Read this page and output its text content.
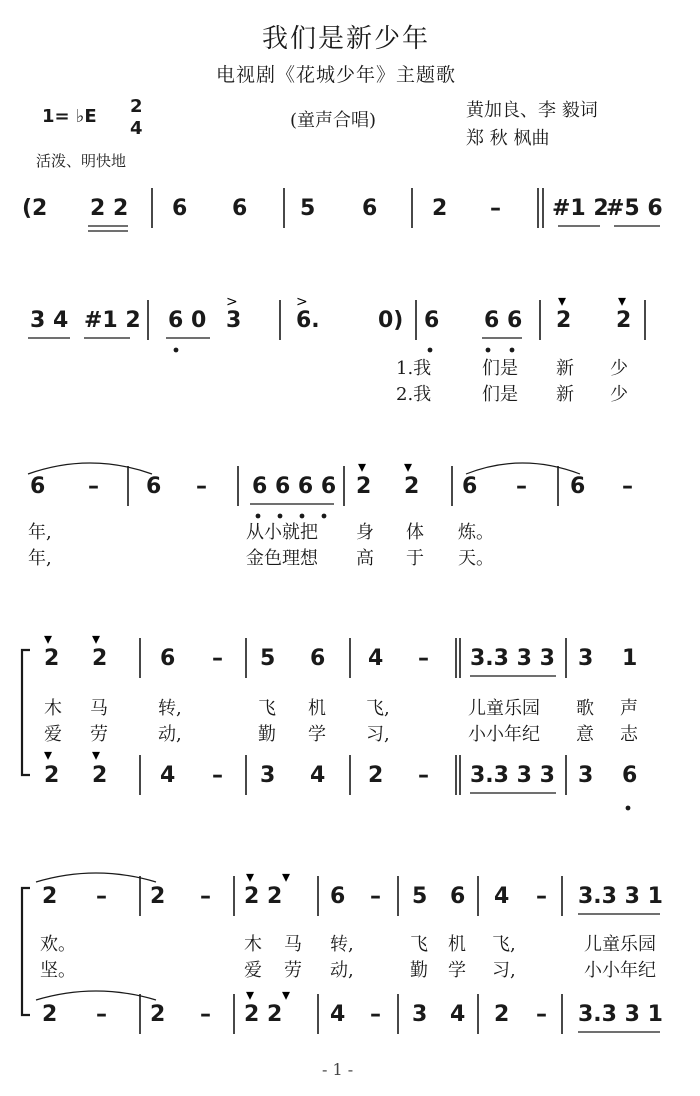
我们是新少年
电视剧《花城少年》主题歌
1= ♭E 2
4	(童声合唱)	黄加良、李 毅词
郑 秋 枫曲
活泼、明快地
>	>	▾	▾
▾ ▾
▾ ▾
▾ ▾
▾ ▾
▾ ▾
(2 2 2 6 6 5 6 2 – #1 2
#5 6
3 4 #1 2 6 0 3 6.	0) 6 6 6 2 2
1.我	们是 新 少
2.我	们是 新 少
6 – 6 – 6 6 6 6 2 2 6 – 6 –
年,	从小就把 身 体 炼。
年,	金色理想 高 于 天。
2 2 6 – 5 6 4 – 3.3 3 3 3 1
木 马	转,	飞 机 飞,	儿童乐园 歌 声
爱 劳	动,	勤 学 习,	小小年纪 意 志
2 2 4 – 3 4 2 – 3.3 3 3 3 6
2 – 2 – 2 2 6 – 5 6 4 – 3.3 3 1
欢。	木 马 转,	飞 机 飞,	儿童乐园
坚。	爱 劳 动,	勤 学 习,	小小年纪
2 – 2 – 2 2 4 – 3 4 2 – 3.3 3 1
- 1 -
